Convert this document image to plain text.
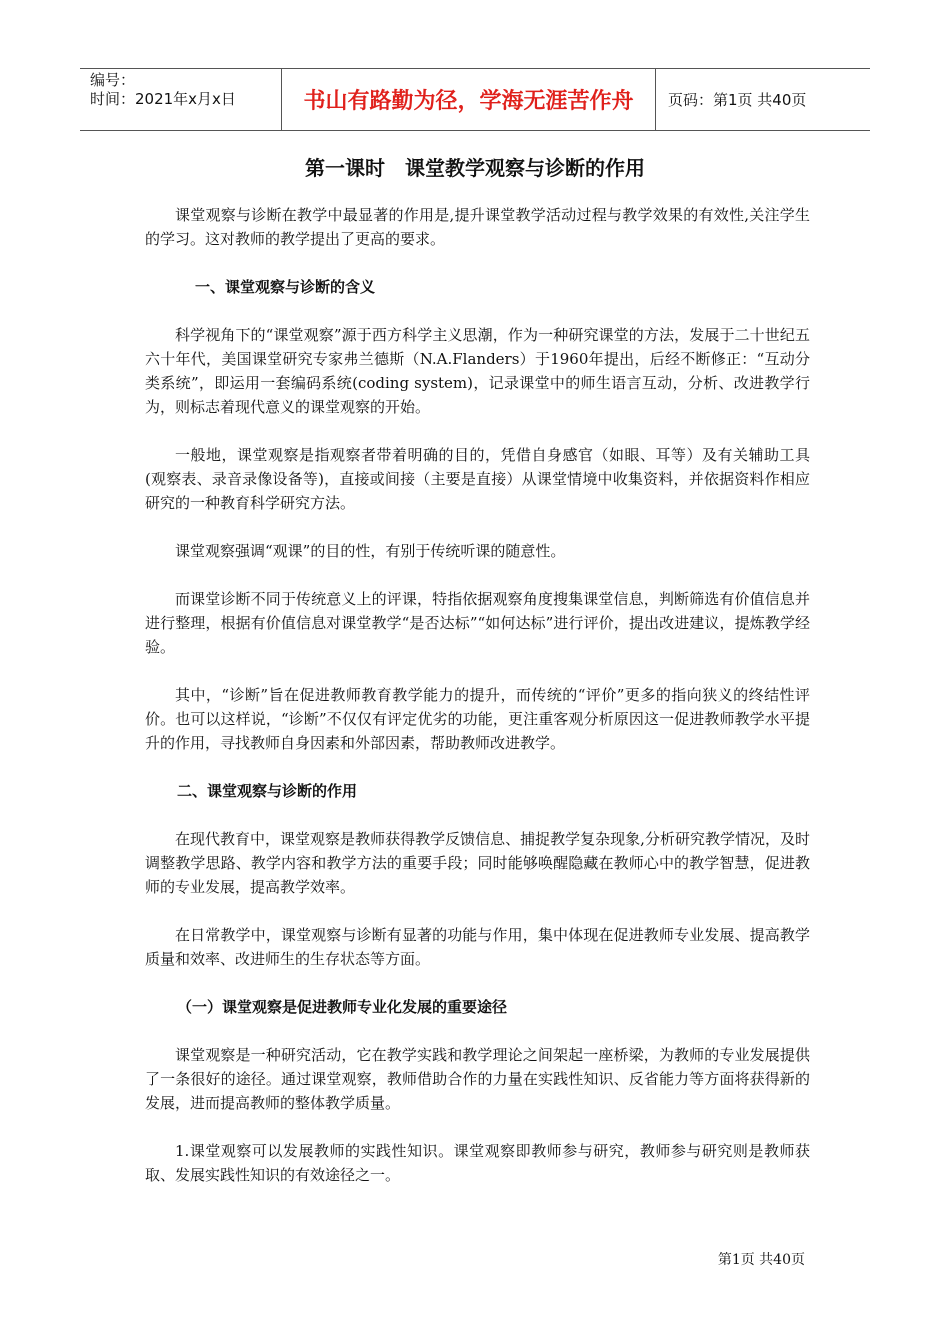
编号：
时间：2021年x月x日	书山有路勤为径，学海无涯苦作舟	页码：第1页 共40页
第一课时　课堂教学观察与诊断的作用

课堂观察与诊断在教学中最显著的作用是,提升课堂教学活动过程与教学效果的有效性,关注学生的学习。这对教师的教学提出了更高的要求。

一、课堂观察与诊断的含义

科学视角下的“课堂观察”源于西方科学主义思潮，作为一种研究课堂的方法，发展于二十世纪五六十年代，美国课堂研究专家弗兰德斯（N.A.Flanders）于1960年提出，后经不断修正：“互动分类系统”，即运用一套编码系统(coding system)，记录课堂中的师生语言互动，分析、改进教学行为，则标志着现代意义的课堂观察的开始。

一般地，课堂观察是指观察者带着明确的目的，凭借自身感官（如眼、耳等）及有关辅助工具(观察表、录音录像设备等)，直接或间接（主要是直接）从课堂情境中收集资料，并依据资料作相应研究的一种教育科学研究方法。

课堂观察强调“观课”的目的性，有别于传统听课的随意性。

而课堂诊断不同于传统意义上的评课，特指依据观察角度搜集课堂信息，判断筛选有价值信息并进行整理，根据有价值信息对课堂教学“是否达标”“如何达标”进行评价，提出改进建议，提炼教学经验。

其中，“诊断”旨在促进教师教育教学能力的提升，而传统的“评价”更多的指向狭义的终结性评价。也可以这样说，“诊断”不仅仅有评定优劣的功能，更注重客观分析原因这一促进教师教学水平提升的作用，寻找教师自身因素和外部因素，帮助教师改进教学。

二、课堂观察与诊断的作用

在现代教育中，课堂观察是教师获得教学反馈信息、捕捉教学复杂现象,分析研究教学情况，及时调整教学思路、教学内容和教学方法的重要手段；同时能够唤醒隐藏在教师心中的教学智慧，促进教师的专业发展，提高教学效率。

在日常教学中，课堂观察与诊断有显著的功能与作用，集中体现在促进教师专业发展、提高教学质量和效率、改进师生的生存状态等方面。

（一）课堂观察是促进教师专业化发展的重要途径

课堂观察是一种研究活动，它在教学实践和教学理论之间架起一座桥梁，为教师的专业发展提供了一条很好的途径。通过课堂观察，教师借助合作的力量在实践性知识、反省能力等方面将获得新的发展，进而提高教师的整体教学质量。

1.课堂观察可以发展教师的实践性知识。课堂观察即教师参与研究，教师参与研究则是教师获取、发展实践性知识的有效途径之一。

第1页 共40页
